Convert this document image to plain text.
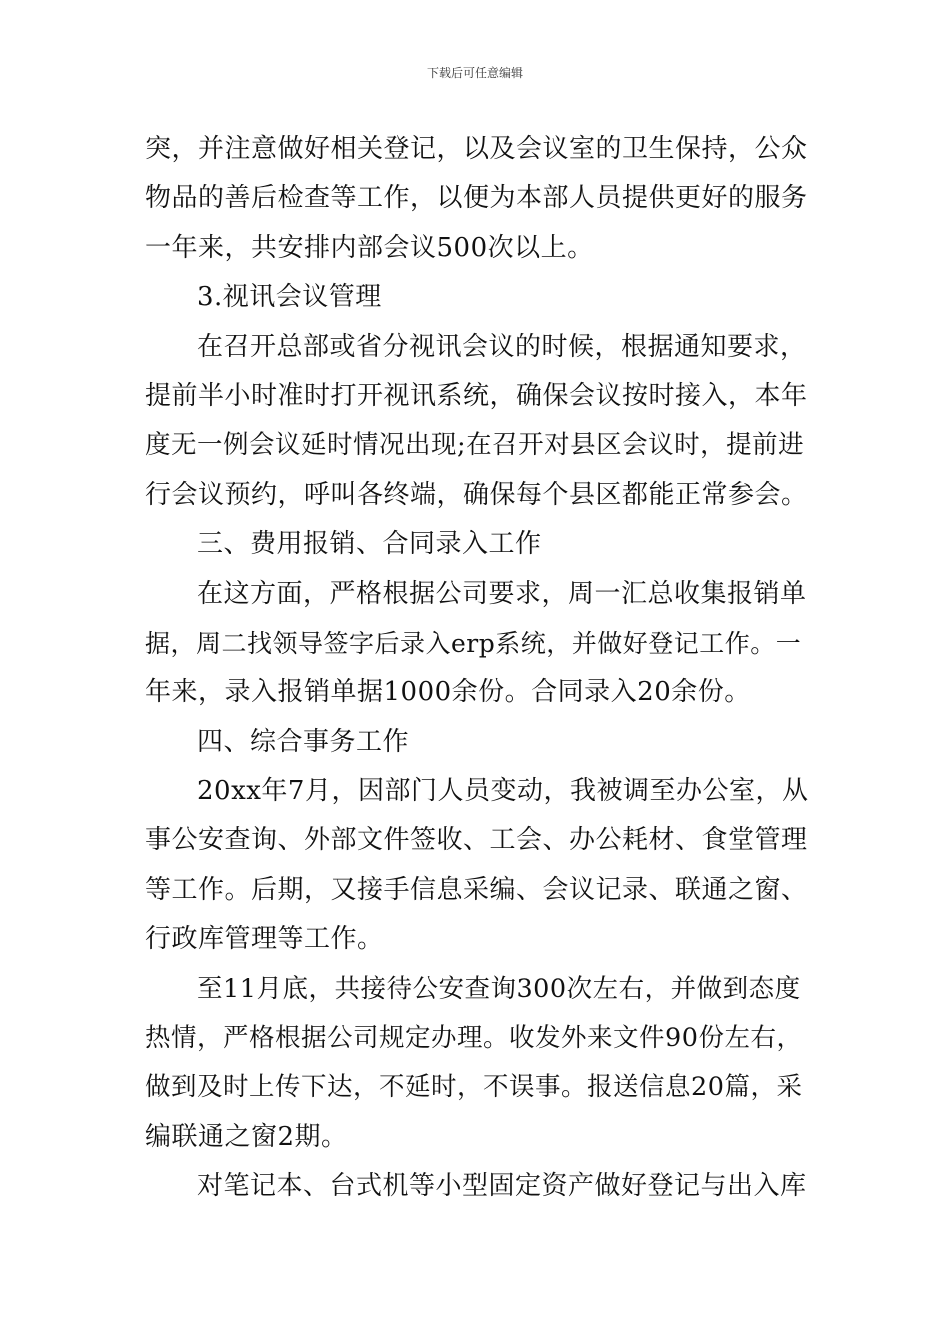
下载后可任意编辑
突，并注意做好相关登记，以及会议室的卫生保持，公众
物品的善后检查等工作，以便为本部人员提供更好的服务
一年来，共安排内部会议500次以上。
3.视讯会议管理
在召开总部或省分视讯会议的时候，根据通知要求，
提前半小时准时打开视讯系统，确保会议按时接入，本年
度无一例会议延时情况出现;在召开对县区会议时，提前进
行会议预约，呼叫各终端，确保每个县区都能正常参会。
三、费用报销、合同录入工作
在这方面，严格根据公司要求，周一汇总收集报销单
据，周二找领导签字后录入erp系统，并做好登记工作。一
年来，录入报销单据1000余份。合同录入20余份。
四、综合事务工作
20xx年7月，因部门人员变动，我被调至办公室，从
事公安查询、外部文件签收、工会、办公耗材、食堂管理
等工作。后期，又接手信息采编、会议记录、联通之窗、
行政库管理等工作。
至11月底，共接待公安查询300次左右，并做到态度
热情，严格根据公司规定办理。收发外来文件90份左右，
做到及时上传下达，不延时，不误事。报送信息20篇，采
编联通之窗2期。
对笔记本、台式机等小型固定资产做好登记与出入库
